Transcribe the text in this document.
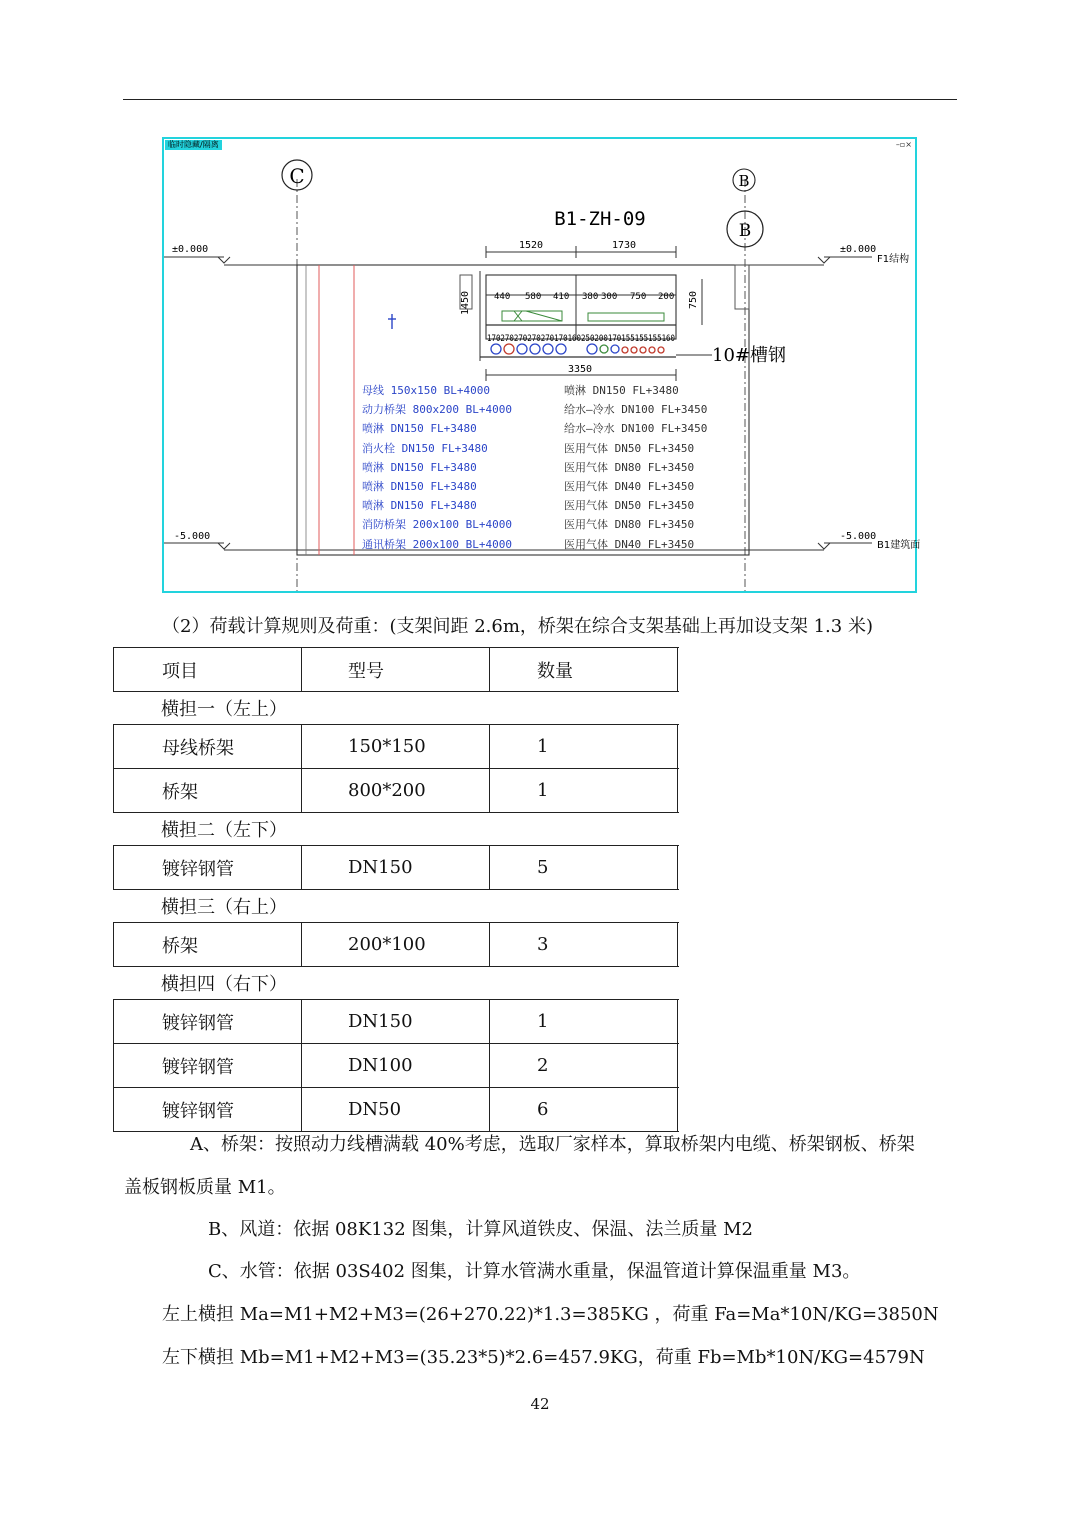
C	B
B
B1-ZH-09
1520	1730
±0.000
-5.000
±0.000
F1结构
-5.000
B1建筑面
1450	750
440 580 410 380 300 750 200
170270270270270170160250200170155155155160
10#槽钢
3350
临时隐藏/隔离	–▫×
母线 150x150 BL+4000
动力桥架 800x200 BL+4000
喷淋 DN150 FL+3480
消火栓 DN150 FL+3480
喷淋 DN150 FL+3480
喷淋 DN150 FL+3480
喷淋 DN150 FL+3480
消防桥架 200x100 BL+4000
通讯桥架 200x100 BL+4000
喷淋 DN150 FL+3480
给水—冷水 DN100 FL+3450
给水—冷水 DN100 FL+3450
医用气体 DN50 FL+3450
医用气体 DN80 FL+3450
医用气体 DN40 FL+3450
医用气体 DN50 FL+3450
医用气体 DN80 FL+3450
医用气体 DN40 FL+3450
（2）荷载计算规则及荷重：(支架间距 2.6m，桥架在综合支架基础上再加设支架 1.3 米)
项目	型号	数量
横担一（左上）
母线桥架	150*150	1
桥架	800*200	1
横担二（左下）
镀锌钢管	DN150	5
横担三（右上）
桥架	200*100	3
横担四（右下）
镀锌钢管	DN150	1
镀锌钢管	DN100	2
镀锌钢管	DN50	6
A、桥架：按照动力线槽满载 40%考虑，选取厂家样本，算取桥架内电缆、桥架钢板、桥架
盖板钢板质量 M1。
B、风道：依据 08K132 图集，计算风道铁皮、保温、法兰质量 M2
C、水管：依据 03S402 图集，计算水管满水重量，保温管道计算保温重量 M3。
左上横担 Ma=M1+M2+M3=(26+270.22)*1.3=385KG ，荷重 Fa=Ma*10N/KG=3850N
左下横担 Mb=M1+M2+M3=(35.23*5)*2.6=457.9KG，荷重 Fb=Mb*10N/KG=4579N
42
